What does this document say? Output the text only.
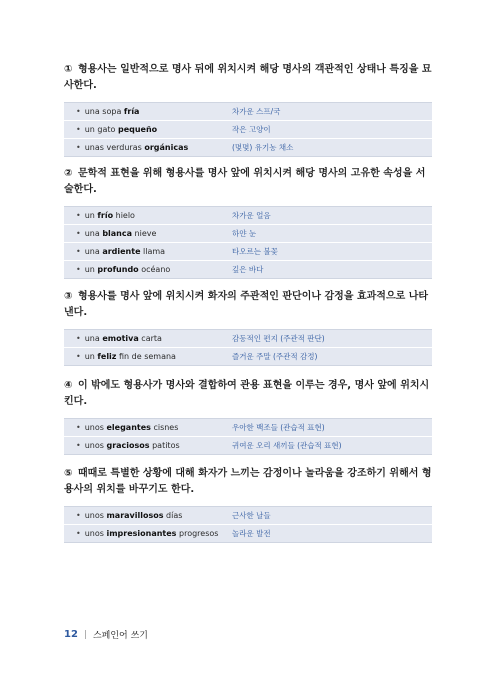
① 형용사는 일반적으로 명사 뒤에 위치시켜 해당 명사의 객관적인 상태나 특징을 묘사한다.
• una sopa fría	차가운 스프/국
• un gato pequeño	작은 고양이
• unas verduras orgánicas	(몇몇) 유기농 채소
② 문학적 표현을 위해 형용사를 명사 앞에 위치시켜 해당 명사의 고유한 속성을 서술한다.
• un frío hielo	차가운 얼음
• una blanca nieve	하얀 눈
• una ardiente llama	타오르는 불꽃
• un profundo océano	깊은 바다
③ 형용사를 명사 앞에 위치시켜 화자의 주관적인 판단이나 감정을 효과적으로 나타낸다.
• una emotiva carta	감동적인 편지 (주관적 판단)
• un feliz fin de semana	즐거운 주말 (주관적 감정)
④ 이 밖에도 형용사가 명사와 결합하여 관용 표현을 이루는 경우, 명사 앞에 위치시킨다.
• unos elegantes cisnes	우아한 백조들 (관습적 표현)
• unos graciosos patitos	귀여운 오리 새끼들 (관습적 표현)
⑤ 때때로 특별한 상황에 대해 화자가 느끼는 감정이나 놀라움을 강조하기 위해서 형용사의 위치를 바꾸기도 한다.
• unos maravillosos días	근사한 날들
• unos impresionantes progresos	놀라운 발전
12 | 스페인어 쓰기
